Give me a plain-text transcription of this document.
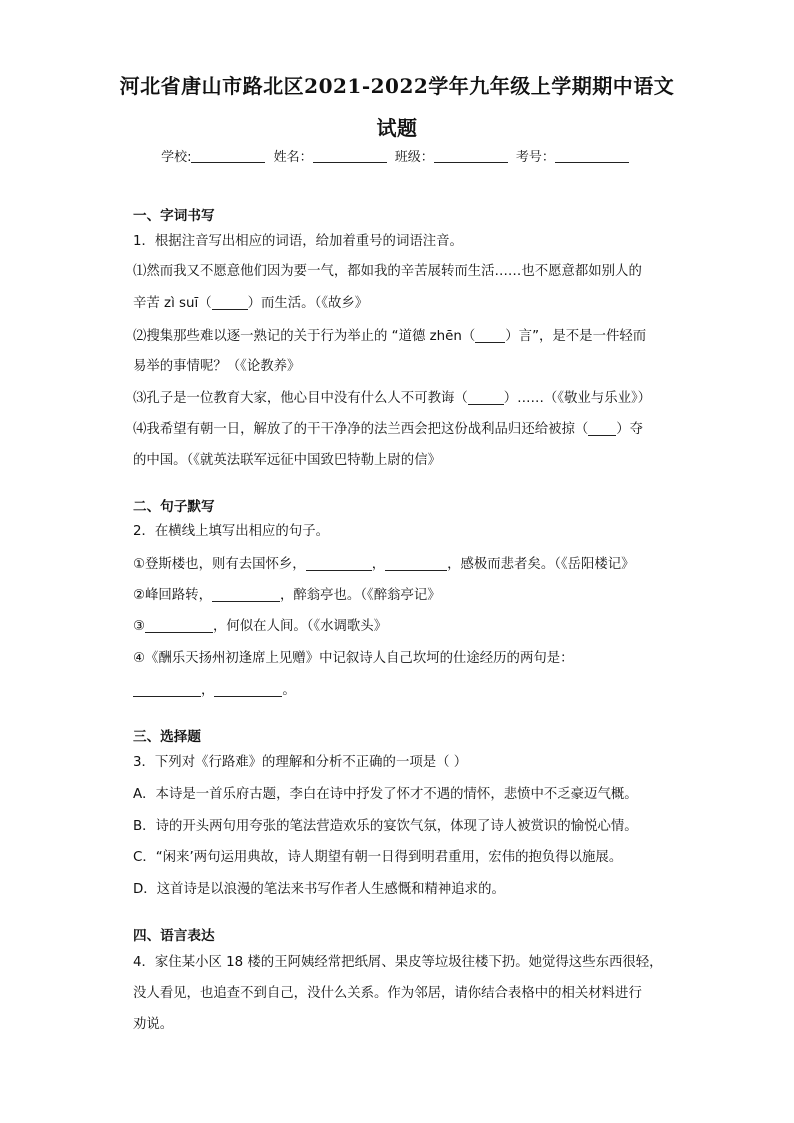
河北省唐山市路北区2021-2022学年九年级上学期期中语文
试题
学校:	姓名：	班级：	考号：
一、字词书写
1．根据注音写出相应的词语，给加着重号的词语注音。
⑴然而我又不愿意他们因为要一气，都如我的辛苦展转而生活……也不愿意都如别人的
辛苦 zì suī（	）而生活。（《故乡》
⑵搜集那些难以逐一熟记的关于行为举止的 “道德 zhēn（ ）言”，是不是一件轻而
易举的事情呢？（《论教养》
⑶孔子是一位教育大家，他心目中没有什么人不可教诲（	）……（《敬业与乐业》）
⑷我希望有朝一日，解放了的干干净净的法兰西会把这份战利品归还给被掠（ ）夺
的中国。（《就英法联军远征中国致巴特勒上尉的信》
二、句子默写
2．在横线上填写出相应的句子。
①登斯楼也，则有去国怀乡，	，	，感极而悲者矣。（《岳阳楼记》
②峰回路转，	，醉翁亭也。（《醉翁亭记》
③	，何似在人间。（《水调歌头》
④《酬乐天扬州初逢席上见赠》中记叙诗人自己坎坷的仕途经历的两句是：
，	。
三、选择题
3．下列对《行路难》的理解和分析不正确的一项是（ ）
A．本诗是一首乐府古题，李白在诗中抒发了怀才不遇的情怀，悲愤中不乏豪迈气概。
B．诗的开头两句用夸张的笔法营造欢乐的宴饮气氛，体现了诗人被赏识的愉悦心情。
C．“闲来’两句运用典故，诗人期望有朝一日得到明君重用，宏伟的抱负得以施展。
D．这首诗是以浪漫的笔法来书写作者人生感慨和精神追求的。
四、语言表达
4．家住某小区 18 楼的王阿姨经常把纸屑、果皮等垃圾往楼下扔。她觉得这些东西很轻，
没人看见，也追查不到自己，没什么关系。作为邻居，请你结合表格中的相关材料进行
劝说。
